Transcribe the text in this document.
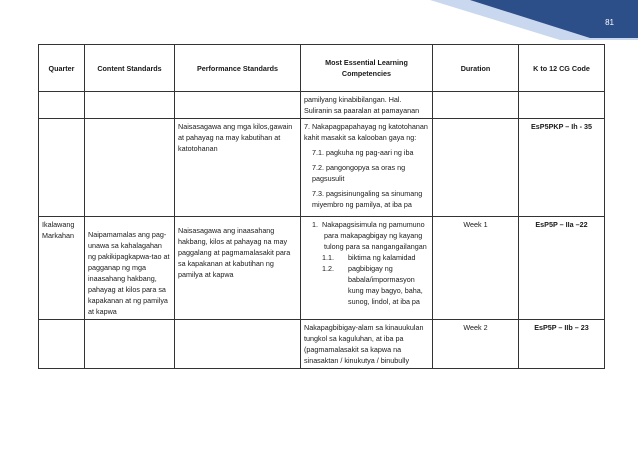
81
Quarter	Content Standards	Performance Standards	Most Essential Learning Competencies	Duration	K to 12 CG Code
			pamilyang kinabibilangan. Hal. Suliranin sa paaralan at pamayanan		
		Naisasagawa ang mga kilos,gawain at pahayag na may kabutihan at katotohanan	7. Nakapagpapahayag ng katotohanan kahit masakit sa kalooban gaya ng:
7.1. pagkuha ng pag-aari ng iba
7.2. pangongopya sa oras ng pagsusulit
7.3. pagsisinungaling sa sinumang miyembro ng pamilya, at iba pa		EsP5PKP – Ih - 35
Ikalawang Markahan	Naipamamalas ang pag-unawa sa kahalagahan ng pakikipagkapwa-tao at pagganap ng mga inaasahang hakbang, pahayag at kilos para sa kapakanan at ng pamilya at kapwa	Naisasagawa ang inaasahang hakbang, kilos at pahayag na may paggalang at pagmamalasakit para sa kapakanan at kabutihan ng pamilya at kapwa	1. Nakapagsisimula ng pamumuno para makapagbigay ng kayang tulong para sa nangangailangan
1.1. biktima ng kalamidad
1.2. pagbibigay ng babala/impormasyon kung may bagyo, baha, sunog, lindol, at iba pa	Week 1	EsP5P – IIa –22
			Nakapagbibigay-alam sa kinauukulan tungkol sa kaguluhan, at iba pa (pagmamalasakit sa kapwa na sinasaktan / kinukutya / binubully	Week 2	EsP5P – IIb – 23
